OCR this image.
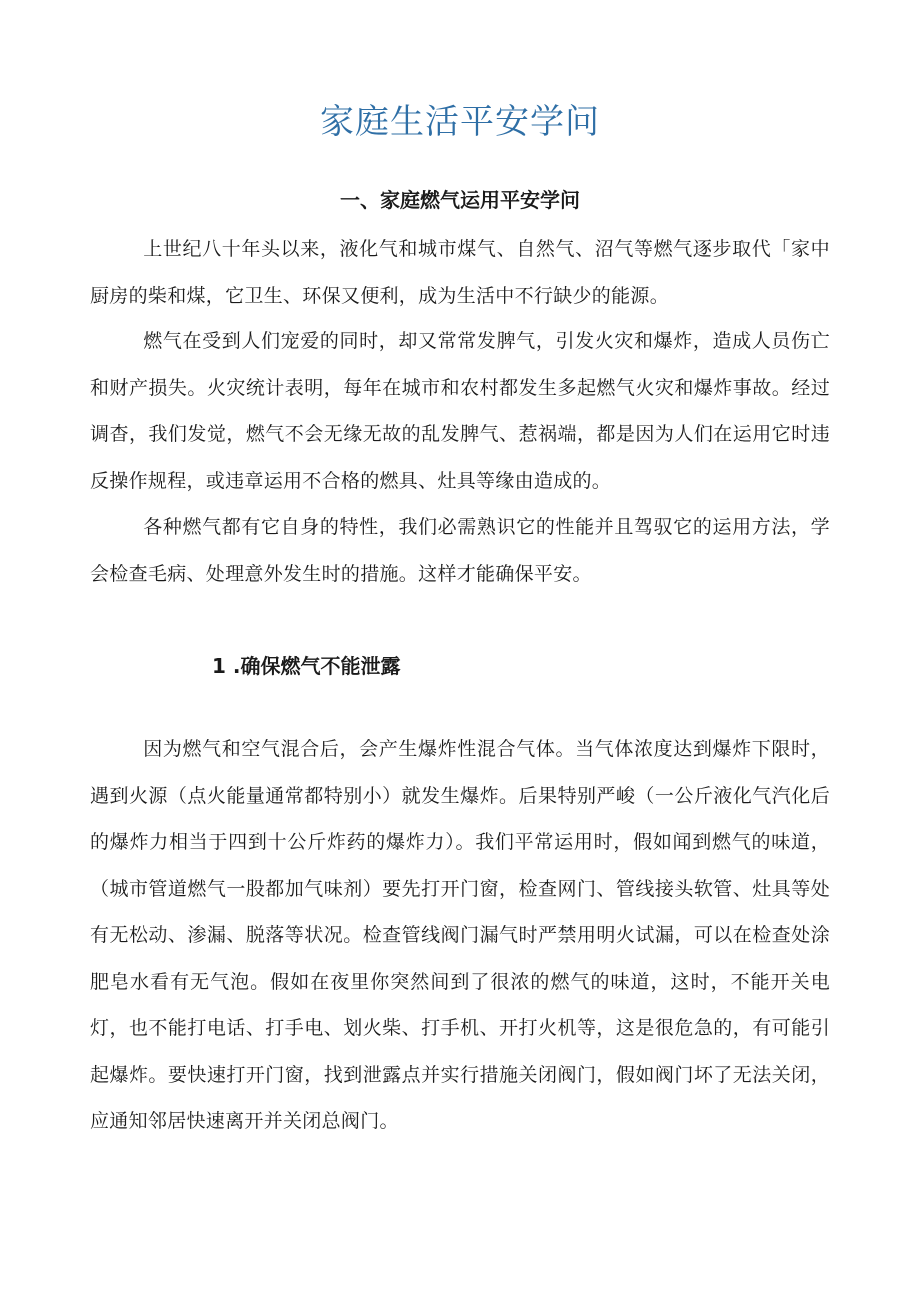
家庭生活平安学问
一、家庭燃气运用平安学问

上世纪八十年头以来，液化气和城市煤气、自然气、沼气等燃气逐步取代「家中厨房的柴和煤，它卫生、环保又便利，成为生活中不行缺少的能源。

燃气在受到人们宠爱的同时，却又常常发脾气，引发火灾和爆炸，造成人员伤亡和财产损失。火灾统计表明，每年在城市和农村都发生多起燃气火灾和爆炸事故。经过调杳，我们发觉，燃气不会无缘无故的乱发脾气、惹祸端，都是因为人们在运用它时违反操作规程，或违章运用不合格的燃具、灶具等缘由造成的。

各种燃气都有它自身的特性，我们必需熟识它的性能并且驾驭它的运用方法，学会检查毛病、处理意外发生时的措施。这样才能确保平安。

1 .确保燃气不能泄露

因为燃气和空气混合后，会产生爆炸性混合气体。当气体浓度达到爆炸下限时，遇到火源（点火能量通常都特别小）就发生爆炸。后果特别严峻（一公斤液化气汽化后的爆炸力相当于四到十公斤炸药的爆炸力）。我们平常运用时，假如闻到燃气的味道，（城市管道燃气一股都加气味剂）要先打开门窗，检查网门、管线接头软管、灶具等处有无松动、渗漏、脱落等状况。检查管线阀门漏气时严禁用明火试漏，可以在检查处涂肥皂水看有无气泡。假如在夜里你突然间到了很浓的燃气的味道，这时，不能开关电灯，也不能打电话、打手电、划火柴、打手机、开打火机等，这是很危急的，有可能引起爆炸。要快速打开门窗，找到泄露点并实行措施关闭阀门，假如阀门坏了无法关闭，应通知邻居快速离开并关闭总阀门。
